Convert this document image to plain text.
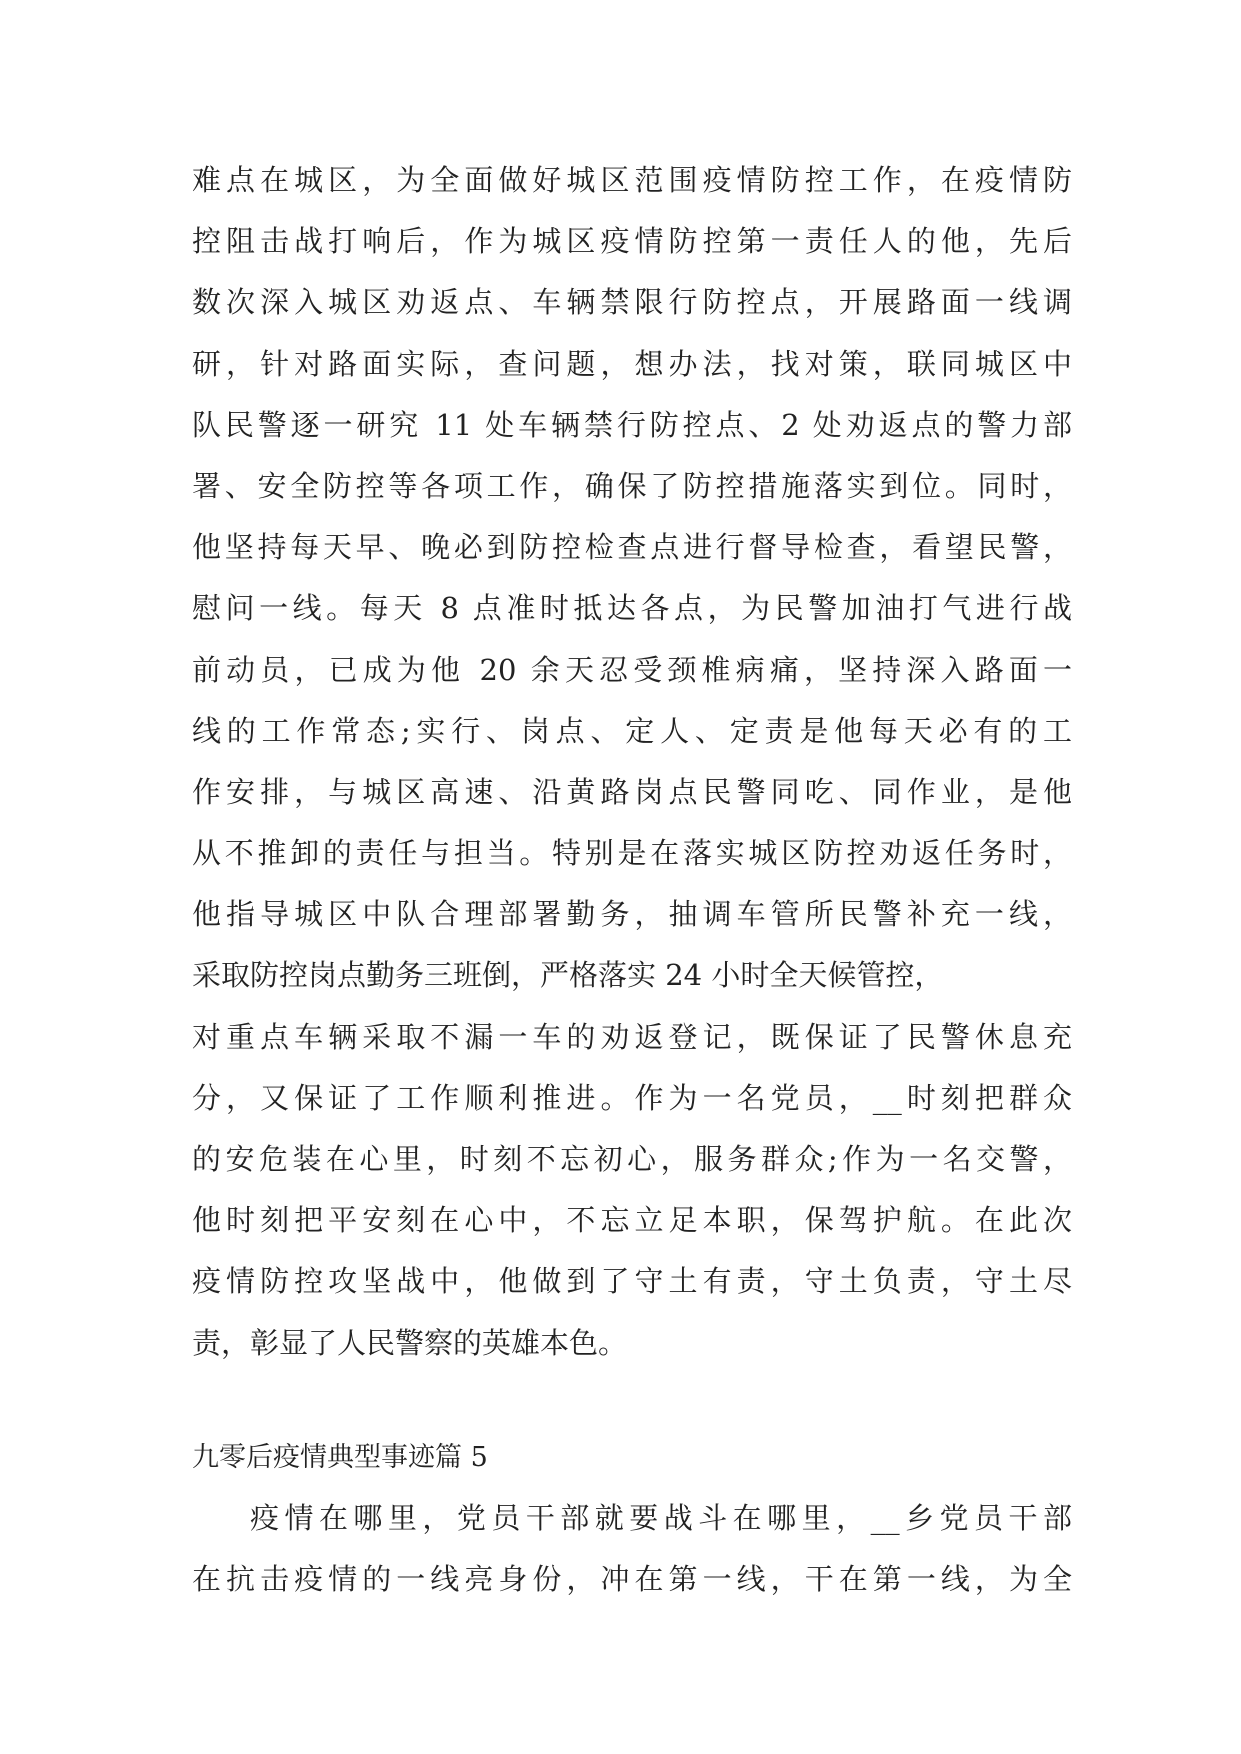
难点在城区，为全面做好城区范围疫情防控工作，在疫情防
控阻击战打响后，作为城区疫情防控第一责任人的他，先后
数次深入城区劝返点、车辆禁限行防控点，开展路面一线调
研，针对路面实际，查问题，想办法，找对策，联同城区中
队民警逐一研究 11 处车辆禁行防控点、2 处劝返点的警力部
署、安全防控等各项工作，确保了防控措施落实到位。同时，
他坚持每天早、晚必到防控检查点进行督导检查，看望民警，
慰问一线。每天 8 点准时抵达各点，为民警加油打气进行战
前动员，已成为他 20 余天忍受颈椎病痛，坚持深入路面一
线的工作常态;实行、岗点、定人、定责是他每天必有的工
作安排，与城区高速、沿黄路岗点民警同吃、同作业，是他
从不推卸的责任与担当。特别是在落实城区防控劝返任务时，
他指导城区中队合理部署勤务，抽调车管所民警补充一线，
采取防控岗点勤务三班倒，严格落实 24 小时全天候管控，
对重点车辆采取不漏一车的劝返登记，既保证了民警休息充
分，又保证了工作顺利推进。作为一名党员，__时刻把群众
的安危装在心里，时刻不忘初心，服务群众;作为一名交警，
他时刻把平安刻在心中，不忘立足本职，保驾护航。在此次
疫情防控攻坚战中，他做到了守土有责，守土负责，守土尽
责，彰显了人民警察的英雄本色。
九零后疫情典型事迹篇 5
疫情在哪里，党员干部就要战斗在哪里，__乡党员干部
在抗击疫情的一线亮身份，冲在第一线，干在第一线，为全
